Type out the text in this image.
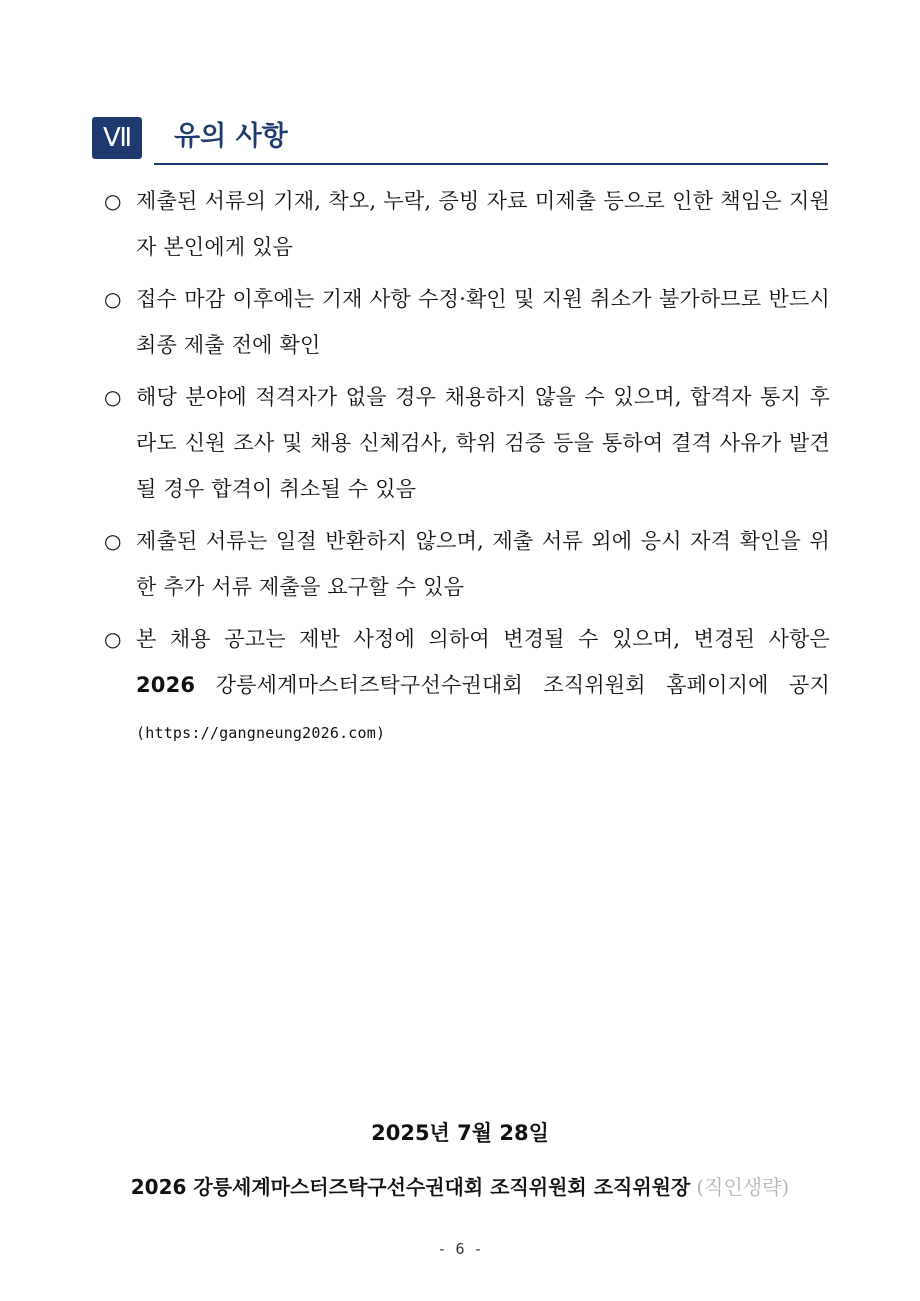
Ⅶ	유의 사항
○ 제출된 서류의 기재, 착오, 누락, 증빙 자료 미제출 등으로 인한 책임은 지원자 본인에게 있음
○ 접수 마감 이후에는 기재 사항 수정·확인 및 지원 취소가 불가하므로 반드시 최종 제출 전에 확인
○ 해당 분야에 적격자가 없을 경우 채용하지 않을 수 있으며, 합격자 통지 후라도 신원 조사 및 채용 신체검사, 학위 검증 등을 통하여 결격 사유가 발견될 경우 합격이 취소될 수 있음
○ 제출된 서류는 일절 반환하지 않으며, 제출 서류 외에 응시 자격 확인을 위한 추가 서류 제출을 요구할 수 있음
○ 본 채용 공고는 제반 사정에 의하여 변경될 수 있으며, 변경된 사항은 2026 강릉세계마스터즈탁구선수권대회 조직위원회 홈페이지에 공지(https://gangneung2026.com)
2025년 7월 28일
2026 강릉세계마스터즈탁구선수권대회 조직위원회 조직위원장 (직인생략)
- 6 -
